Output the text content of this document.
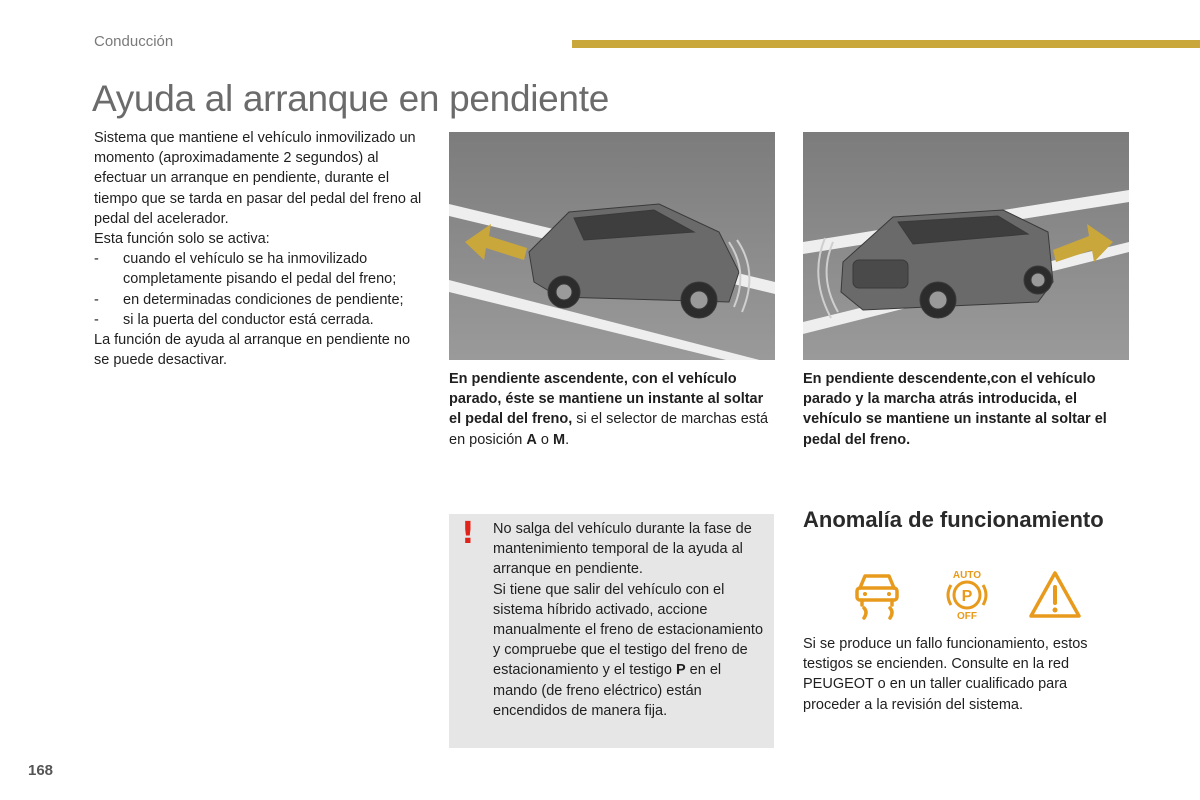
Conducción
Ayuda al arranque en pendiente

Sistema que mantiene el vehículo inmovilizado un momento (aproximadamente 2 segundos) al efectuar un arranque en pendiente, durante el tiempo que se tarda en pasar del pedal del freno al pedal del acelerador.

Esta función solo se activa:

- cuando el vehículo se ha inmovilizado completamente pisando el pedal del freno;
- en determinadas condiciones de pendiente;
- si la puerta del conductor está cerrada.

La función de ayuda al arranque en pendiente no se puede desactivar.

En pendiente ascendente, con el vehículo parado, éste se mantiene un instante al soltar el pedal del freno, si el selector de marchas está en posición A o M.
En pendiente descendente,con el vehículo parado y la marcha atrás introducida, el vehículo se mantiene un instante al soltar el pedal del freno.
! No salga del vehículo durante la fase de mantenimiento temporal de la ayuda al arranque en pendiente.

Si tiene que salir del vehículo con el sistema híbrido activado, accione manualmente el freno de estacionamiento y compruebe que el testigo del freno de estacionamiento y el testigo P en el mando (de freno eléctrico) están encendidos de manera fija.

Anomalía de funcionamiento
AUTO
P
OFF
Si se produce un fallo funcionamiento, estos testigos se encienden. Consulte en la red PEUGEOT o en un taller cualificado para proceder a la revisión del sistema.
168
